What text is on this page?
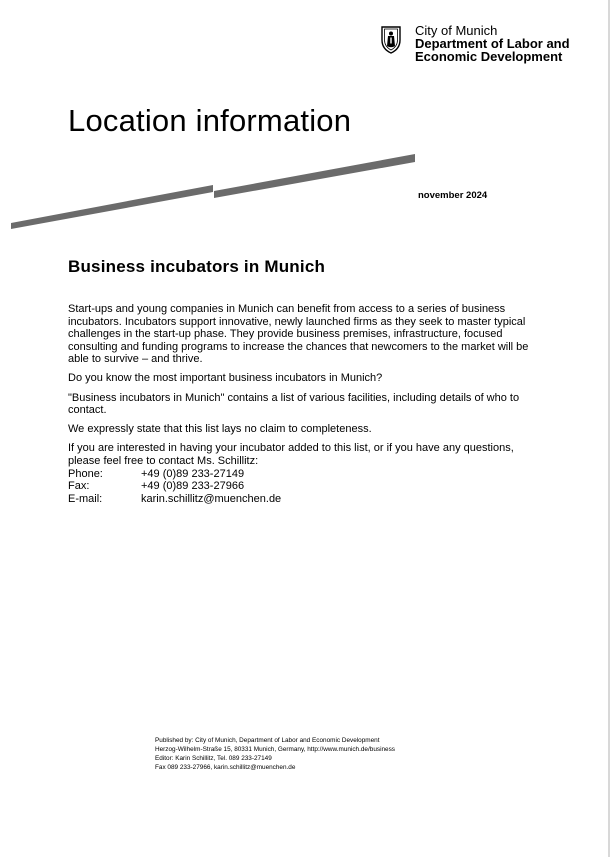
City of Munich
Department of Labor and
Economic Development
Location information
november 2024
Business incubators in Munich

Start-ups and young companies in Munich can benefit from access to a series of business incubators. Incubators support innovative, newly launched firms as they seek to master typical challenges in the start-up phase. They provide business premises, infrastructure, focused consulting and funding programs to increase the chances that newcomers to the market will be able to survive – and thrive.

Do you know the most important business incubators in Munich?

"Business incubators in Munich" contains a list of various facilities, including details of who to contact.

We expressly state that this list lays no claim to completeness.

If you are interested in having your incubator added to this list, or if you have any questions, please feel free to contact Ms. Schillitz:

Phone:	+49 (0)89 233-27149
Fax:	+49 (0)89 233-27966
E-mail:	karin.schillitz@muenchen.de
Published by: City of Munich, Department of Labor and Economic Development
Herzog-Wilhelm-Straße 15, 80331 Munich, Germany, http://www.munich.de/business
Editor: Karin Schillitz, Tel. 089 233-27149
Fax 089 233-27966, karin.schillitz@muenchen.de
